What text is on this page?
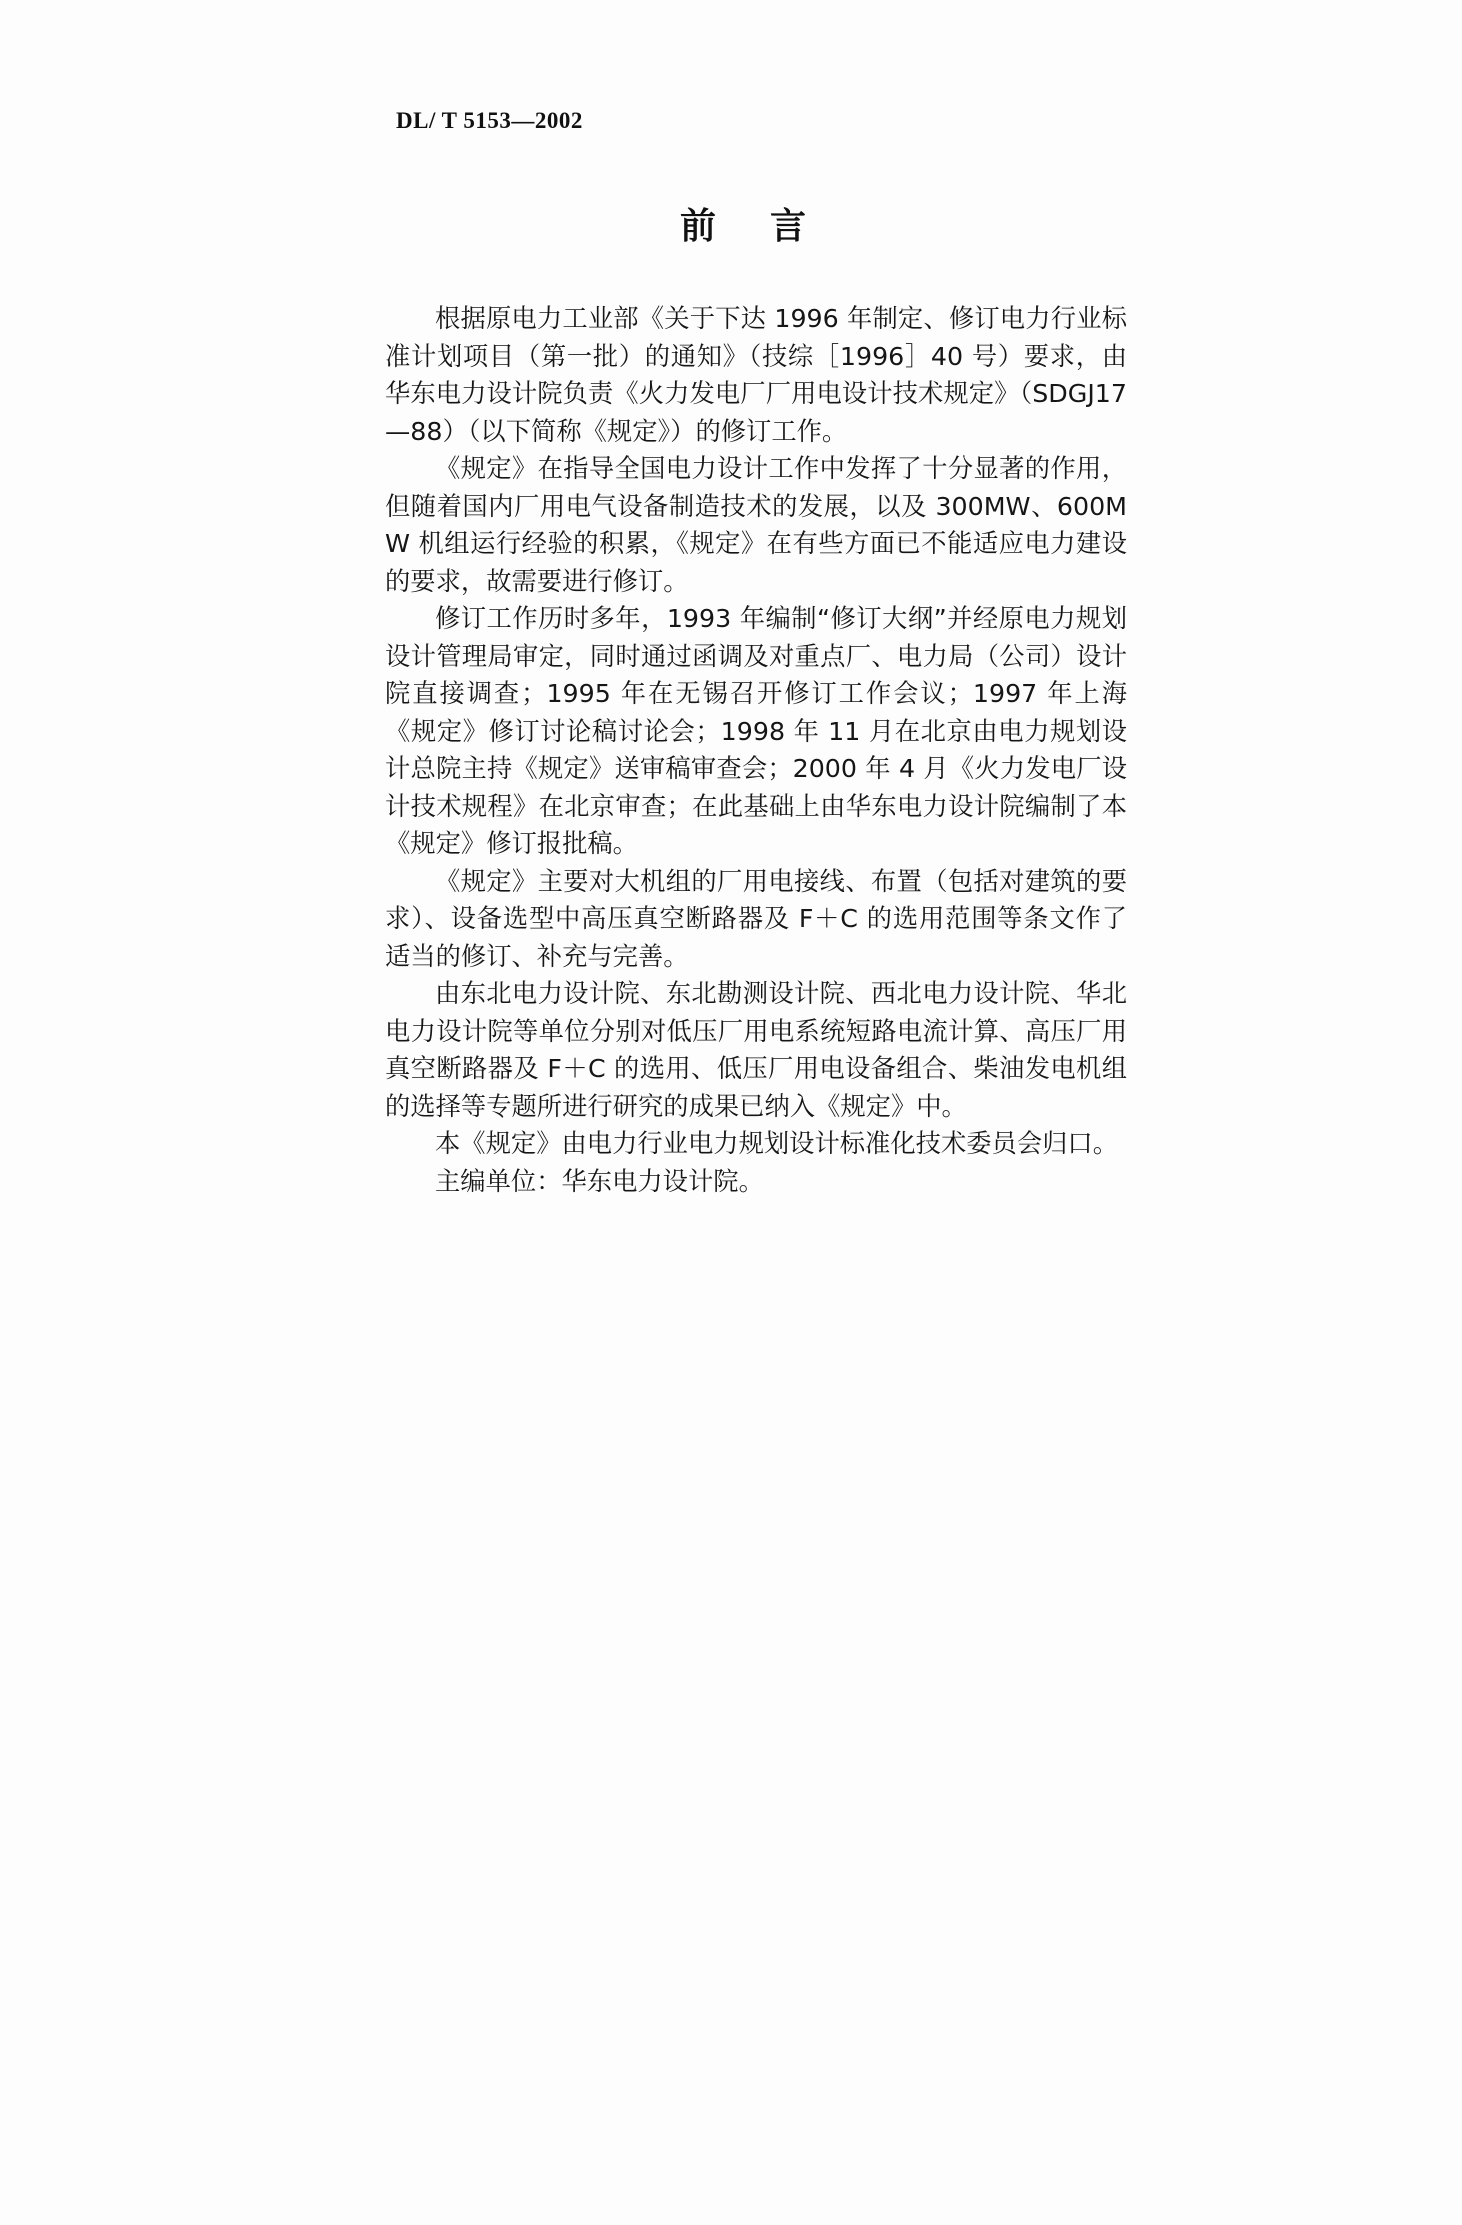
DL/ T 5153—2002
前言

根据原电力工业部《关于下达 1996 年制定、修订电力行业标准计划项目（第一批）的通知》（技综［1996］40 号）要求，由华东电力设计院负责《火力发电厂厂用电设计技术规定》（SDGJ17—88）（以下简称《规定》）的修订工作。

《规定》在指导全国电力设计工作中发挥了十分显著的作用，但随着国内厂用电气设备制造技术的发展，以及 300MW、600MW 机组运行经验的积累，《规定》在有些方面已不能适应电力建设的要求，故需要进行修订。

修订工作历时多年，1993 年编制“修订大纲”并经原电力规划设计管理局审定，同时通过函调及对重点厂、电力局（公司）设计院直接调查；1995 年在无锡召开修订工作会议；1997 年上海《规定》修订讨论稿讨论会；1998 年 11 月在北京由电力规划设计总院主持《规定》送审稿审查会；2000 年 4 月《火力发电厂设计技术规程》在北京审查；在此基础上由华东电力设计院编制了本《规定》修订报批稿。

《规定》主要对大机组的厂用电接线、布置（包括对建筑的要求）、设备选型中高压真空断路器及 F＋C 的选用范围等条文作了适当的修订、补充与完善。

由东北电力设计院、东北勘测设计院、西北电力设计院、华北电力设计院等单位分别对低压厂用电系统短路电流计算、高压厂用真空断路器及 F＋C 的选用、低压厂用电设备组合、柴油发电机组的选择等专题所进行研究的成果已纳入《规定》中。

本《规定》由电力行业电力规划设计标准化技术委员会归口。

主编单位：华东电力设计院。
